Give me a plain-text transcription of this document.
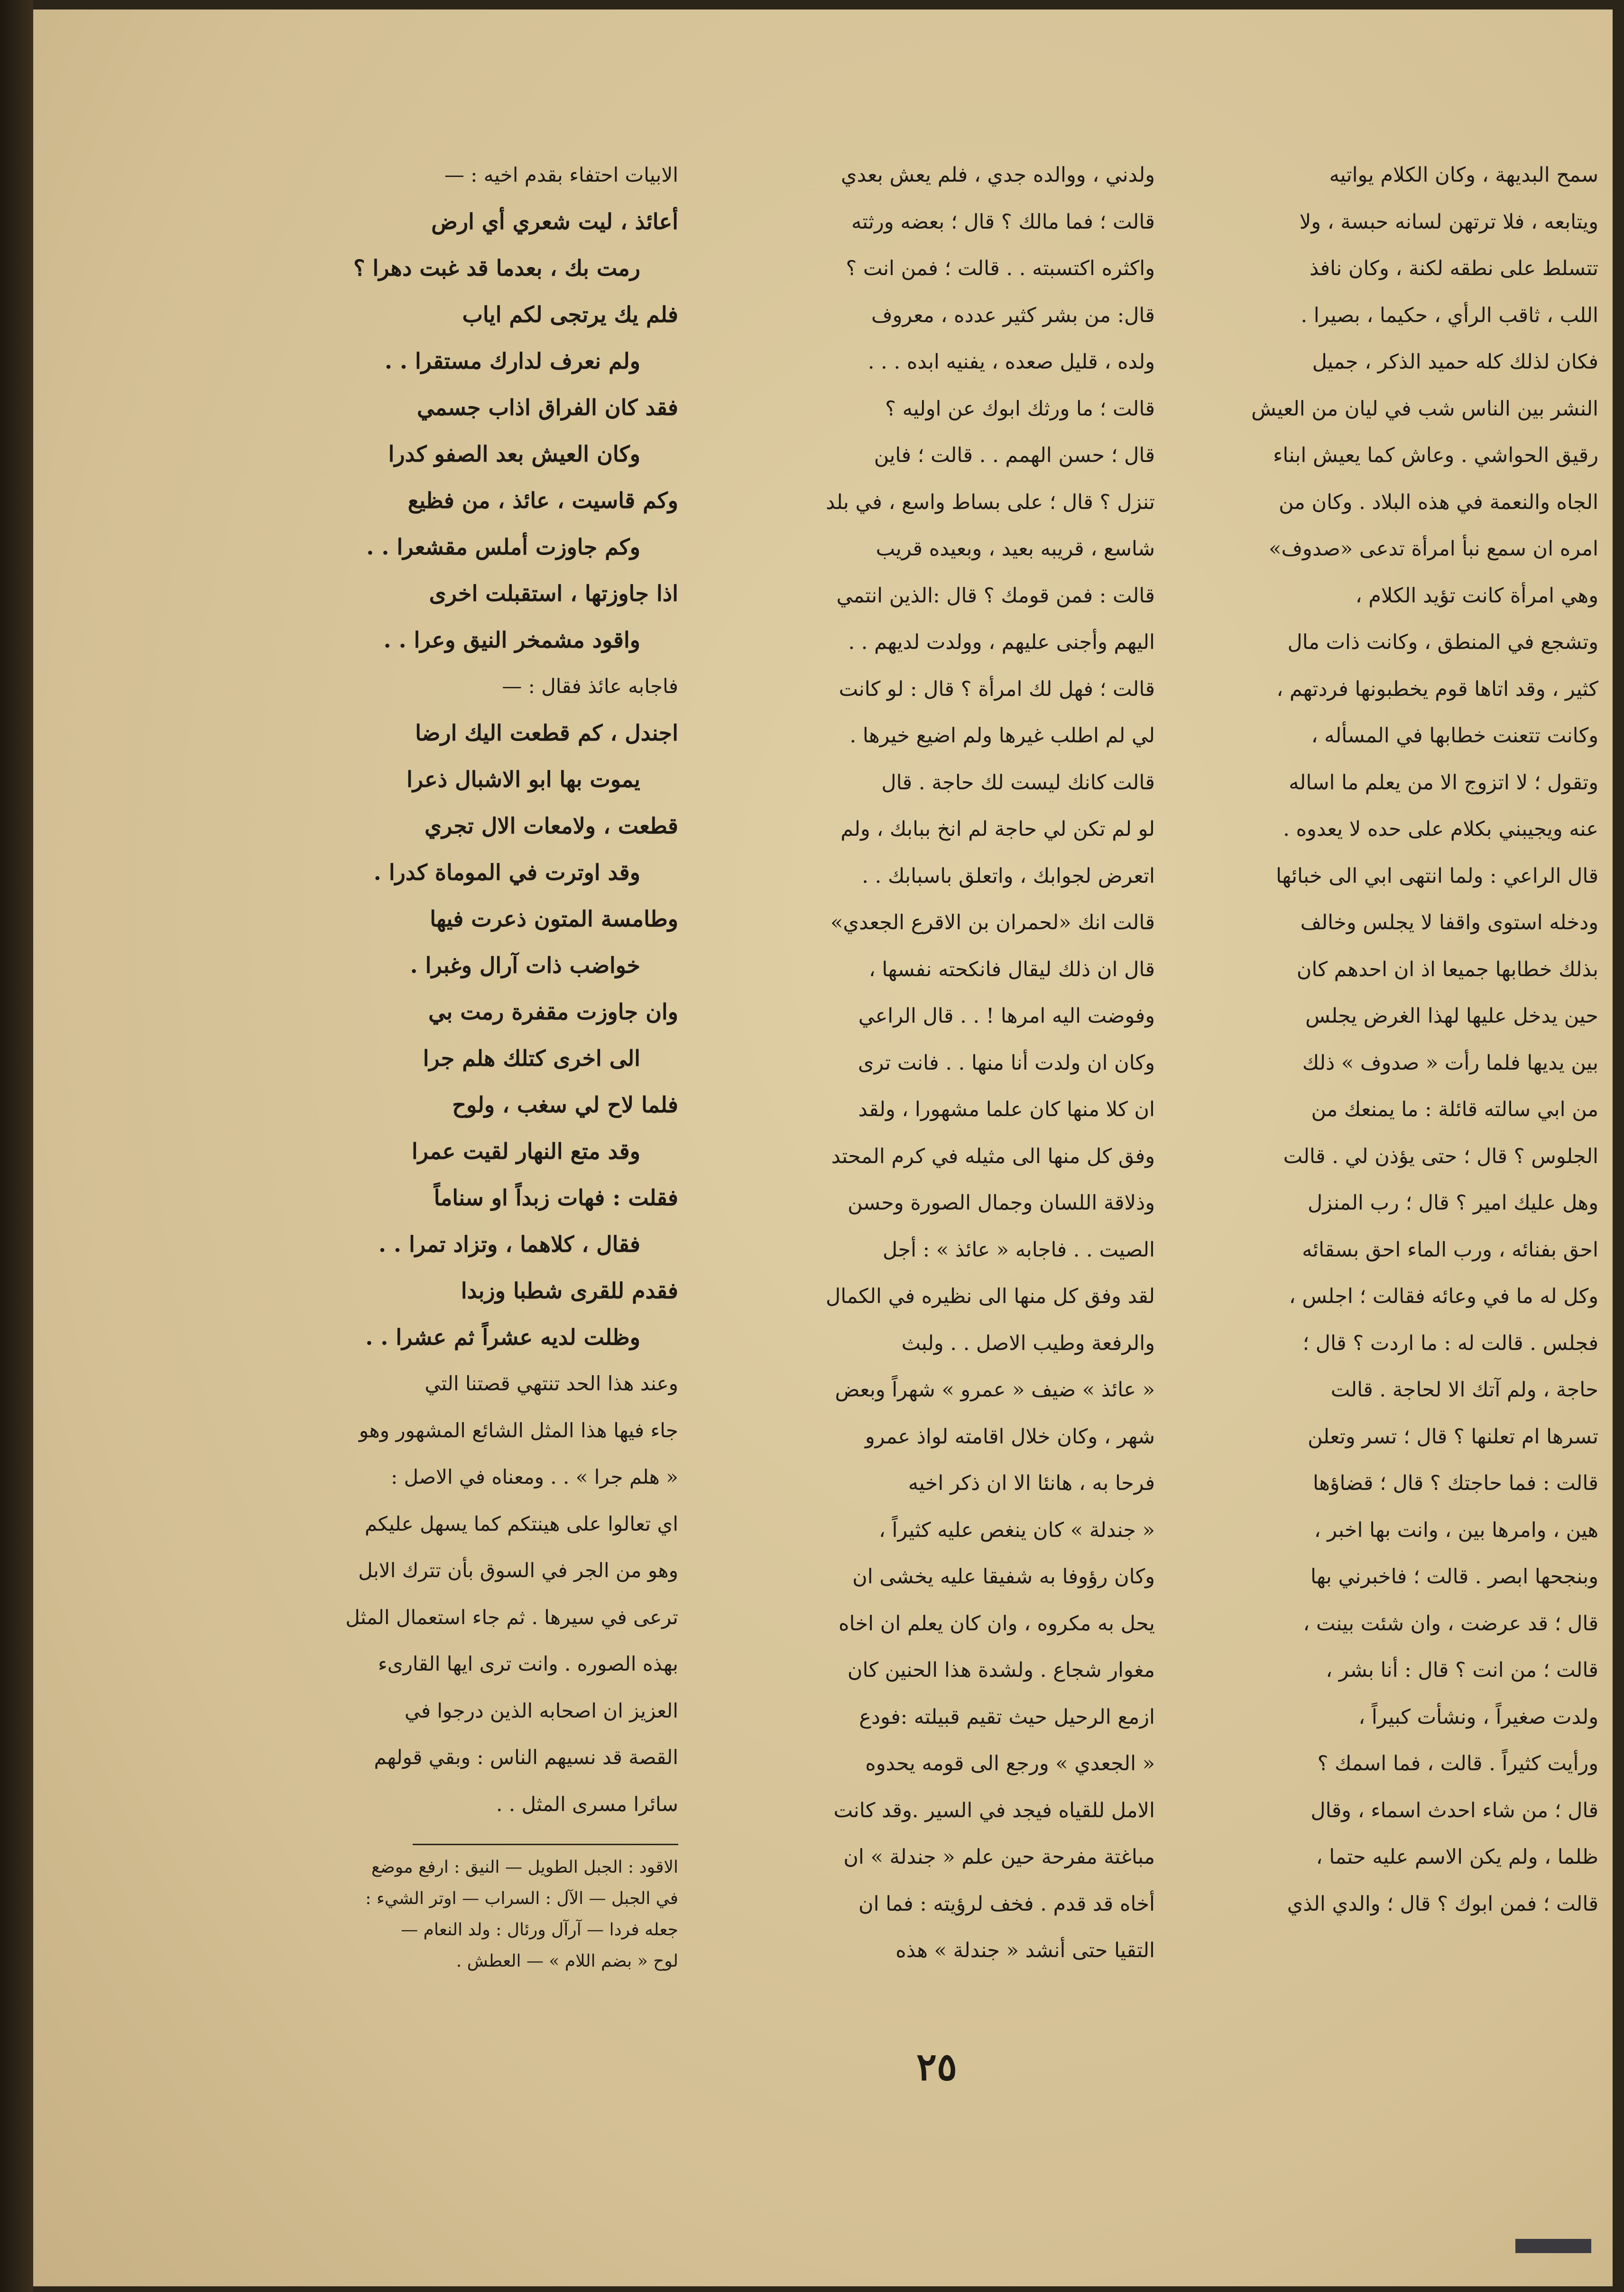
سمح البديهة ، وكان الكلام يواتيه

ويتابعه ، فلا ترتهن لسانه حبسة ، ولا

تتسلط على نطقه لكنة ، وكان نافذ

اللب ، ثاقب الرأي ، حكيما ، بصيرا .

فكان لذلك كله حميد الذكر ، جميل

النشر بين الناس شب في ليان من العيش

رقيق الحواشي . وعاش كما يعيش ابناء

الجاه والنعمة في هذه البلاد . وكان من

امره ان سمع نبأ امرأة تدعى «صدوف»

وهي امرأة كانت تؤيد الكلام ،

وتشجع في المنطق ، وكانت ذات مال

كثير ، وقد اتاها قوم يخطبونها فردتهم ،

وكانت تتعنت خطابها في المسأله ،

وتقول ؛ لا اتزوج الا من يعلم ما اساله

عنه ويجيبني بكلام على حده لا يعدوه .

قال الراعي : ولما انتهى ابي الى خبائها

ودخله استوى واقفا لا يجلس وخالف

بذلك خطابها جميعا اذ ان احدهم كان

حين يدخل عليها لهذا الغرض يجلس

بين يديها فلما رأت « صدوف » ذلك

من ابي سالته قائلة : ما يمنعك من

الجلوس ؟ قال ؛ حتى يؤذن لي . قالت

وهل عليك امير ؟ قال ؛ رب المنزل

احق بفنائه ، ورب الماء احق بسقائه

وكل له ما في وعائه فقالت ؛ اجلس ،

فجلس . قالت له : ما اردت ؟ قال ؛

حاجة ، ولم آتك الا لحاجة . قالت

تسرها ام تعلنها ؟ قال ؛ تسر وتعلن

قالت : فما حاجتك ؟ قال ؛ قضاؤها

هين ، وامرها بين ، وانت بها اخبر ،

وبنجحها ابصر . قالت ؛ فاخبرني بها

قال ؛ قد عرضت ، وان شئت بينت ،

قالت ؛ من انت ؟ قال : أنا بشر ،

ولدت صغيراً ، ونشأت كبيراً ،

ورأيت كثيراً . قالت ، فما اسمك ؟

قال ؛ من شاء احدث اسماء ، وقال

ظلما ، ولم يكن الاسم عليه حتما ،

قالت ؛ فمن ابوك ؟ قال ؛ والدي الذي

ولدني ، ووالده جدي ، فلم يعش بعدي

قالت ؛ فما مالك ؟ قال ؛ بعضه ورثته

واكثره اكتسبته . . قالت ؛ فمن انت ؟

قال: من بشر كثير عدده ، معروف

ولده ، قليل صعده ، يفنيه ابده . . .

قالت ؛ ما ورثك ابوك عن اوليه ؟

قال ؛ حسن الهمم . . قالت ؛ فاين

تنزل ؟ قال ؛ على بساط واسع ، في بلد

شاسع ، قريبه بعيد ، وبعيده قريب

قالت : فمن قومك ؟ قال :الذين انتمي

اليهم وأجنى عليهم ، وولدت لديهم . .

قالت ؛ فهل لك امرأة ؟ قال : لو كانت

لي لم اطلب غيرها ولم اضيع خيرها .

قالت كانك ليست لك حاجة . قال

لو لم تكن لي حاجة لم انخ ببابك ، ولم

اتعرض لجوابك ، واتعلق باسبابك . .

قالت انك «لحمران بن الاقرع الجعدي»

قال ان ذلك ليقال فانكحته نفسها ،

وفوضت اليه امرها ! . . قال الراعي

وكان ان ولدت أنا منها . . فانت ترى

ان كلا منها كان علما مشهورا ، ولقد

وفق كل منها الى مثيله في كرم المحتد

وذلاقة اللسان وجمال الصورة وحسن

الصيت . . فاجابه « عائذ » : أجل

لقد وفق كل منها الى نظيره في الكمال

والرفعة وطيب الاصل . . ولبث

« عائذ » ضيف « عمرو » شهراً وبعض

شهر ، وكان خلال اقامته لواذ عمرو

فرحا به ، هانئا الا ان ذكر اخيه

« جندلة » كان ينغص عليه كثيراً ،

وكان رؤوفا به شفيقا عليه يخشى ان

يحل به مكروه ، وان كان يعلم ان اخاه

مغوار شجاع . ولشدة هذا الحنين كان

ازمع الرحيل حيث تقيم قبيلته :فودع

« الجعدي » ورجع الى قومه يحدوه

الامل للقياه فيجد في السير .وقد كانت

مباغتة مفرحة حين علم « جندلة » ان

أخاه قد قدم . فخف لرؤيته : فما ان

التقيا حتى أنشد « جندلة » هذه

الابيات احتفاء بقدم اخيه : —

أعائذ ، ليت شعري أي ارض

رمت بك ، بعدما قد غبت دهرا ؟

فلم يك يرتجى لكم اياب

ولم نعرف لدارك مستقرا . .

فقد كان الفراق اذاب جسمي

وكان العيش بعد الصفو كدرا

وكم قاسيت ، عائذ ، من فظيع

وكم جاوزت أملس مقشعرا . .

اذا جاوزتها ، استقبلت اخرى

واقود مشمخر النيق وعرا . .

فاجابه عائذ فقال : —

اجندل ، كم قطعت اليك ارضا

يموت بها ابو الاشبال ذعرا

قطعت ، ولامعات الال تجري

وقد اوترت في الموماة كدرا .

وطامسة المتون ذعرت فيها

خواضب ذات آرال وغبرا .

وان جاوزت مقفرة رمت بي

الى اخرى كتلك هلم جرا

فلما لاح لي سغب ، ولوح

وقد متع النهار لقيت عمرا

فقلت : فهات زبداً او سناماً

فقال ، كلاهما ، وتزاد تمرا . .

فقدم للقرى شطبا وزبدا

وظلت لديه عشراً ثم عشرا . .

وعند هذا الحد تنتهي قصتنا التي

جاء فيها هذا المثل الشائع المشهور وهو

« هلم جرا » . . ومعناه في الاصل :

اي تعالوا على هينتكم كما يسهل عليكم

وهو من الجر في السوق بأن تترك الابل

ترعى في سيرها . ثم جاء استعمال المثل

بهذه الصوره . وانت ترى ايها القارىء

العزيز ان اصحابه الذين درجوا في

القصة قد نسيهم الناس : وبقي قولهم

سائرا مسرى المثل . .

الاقود : الجبل الطويل — النيق : ارفع موضع

في الجبل — الآل : السراب — اوتر الشيء :

جعله فردا — آرآل ورئال : ولد النعام —

لوح « بضم اللام » — العطش .

٢٥
